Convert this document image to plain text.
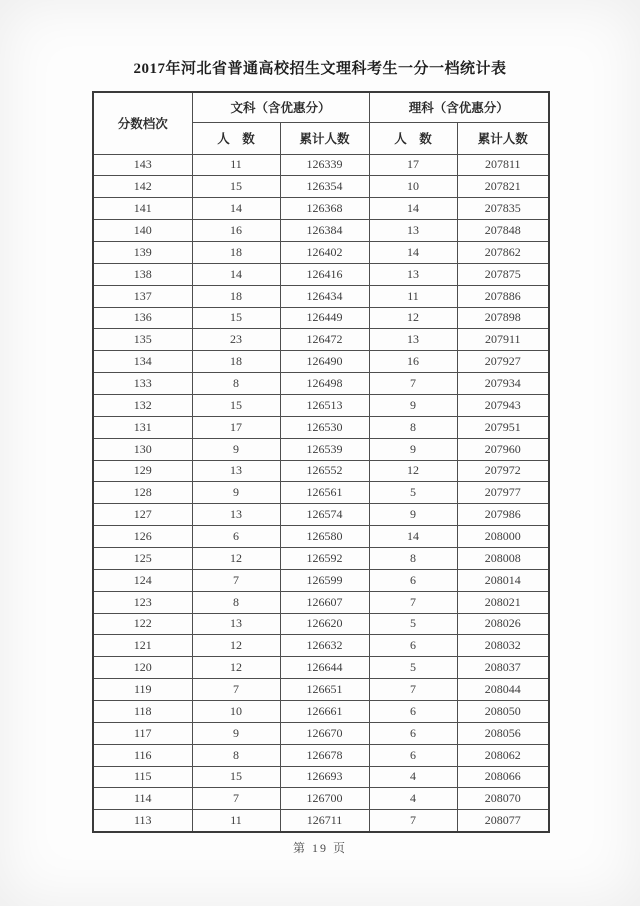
2017年河北省普通高校招生文理科考生一分一档统计表
分数档次	文科（含优惠分）		理科（含优惠分）	
	人　数	累计人数	人　数	累计人数
143	11	126339	17	207811
142	15	126354	10	207821
141	14	126368	14	207835
140	16	126384	13	207848
139	18	126402	14	207862
138	14	126416	13	207875
137	18	126434	11	207886
136	15	126449	12	207898
135	23	126472	13	207911
134	18	126490	16	207927
133	8	126498	7	207934
132	15	126513	9	207943
131	17	126530	8	207951
130	9	126539	9	207960
129	13	126552	12	207972
128	9	126561	5	207977
127	13	126574	9	207986
126	6	126580	14	208000
125	12	126592	8	208008
124	7	126599	6	208014
123	8	126607	7	208021
122	13	126620	5	208026
121	12	126632	6	208032
120	12	126644	5	208037
119	7	126651	7	208044
118	10	126661	6	208050
117	9	126670	6	208056
116	8	126678	6	208062
115	15	126693	4	208066
114	7	126700	4	208070
113	11	126711	7	208077
第 19 页
